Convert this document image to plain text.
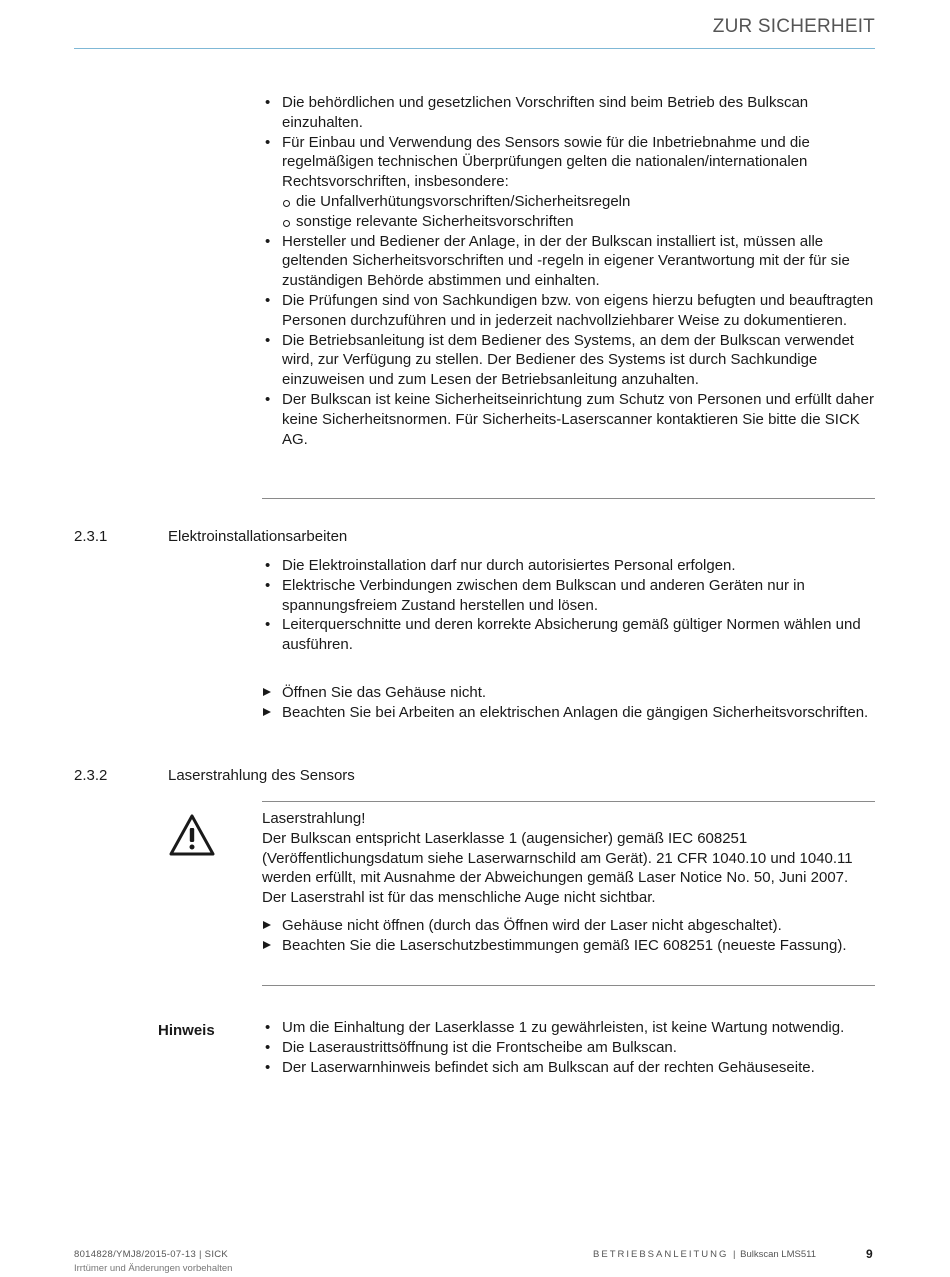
ZUR SICHERHEIT
• Die behördlichen und gesetzlichen Vorschriften sind beim Betrieb des Bulkscan einzuhalten.
• Für Einbau und Verwendung des Sensors sowie für die Inbetriebnahme und die regelmäßigen technischen Überprüfungen gelten die nationalen/internationalen Rechtsvorschriften, insbesondere:
die Unfallverhütungsvorschriften/Sicherheitsregeln
sonstige relevante Sicherheitsvorschriften
• Hersteller und Bediener der Anlage, in der der Bulkscan installiert ist, müssen alle geltenden Sicherheitsvorschriften und -regeln in eigener Verantwortung mit der für sie zuständigen Behörde abstimmen und einhalten.
• Die Prüfungen sind von Sachkundigen bzw. von eigens hierzu befugten und beauftragten Personen durchzuführen und in jederzeit nachvollziehbarer Weise zu dokumentieren.
• Die Betriebsanleitung ist dem Bediener des Systems, an dem der Bulkscan verwendet wird, zur Verfügung zu stellen. Der Bediener des Systems ist durch Sachkundige einzuweisen und zum Lesen der Betriebsanleitung anzuhalten.
• Der Bulkscan ist keine Sicherheitseinrichtung zum Schutz von Personen und erfüllt daher keine Sicherheitsnormen. Für Sicherheits-Laserscanner kontaktieren Sie bitte die SICK AG.
2.3.1	Elektroinstallationsarbeiten
• Die Elektroinstallation darf nur durch autorisiertes Personal erfolgen.
• Elektrische Verbindungen zwischen dem Bulkscan und anderen Geräten nur in spannungsfreiem Zustand herstellen und lösen.
• Leiterquerschnitte und deren korrekte Absicherung gemäß gültiger Normen wählen und ausführen.
Öffnen Sie das Gehäuse nicht.
Beachten Sie bei Arbeiten an elektrischen Anlagen die gängigen Sicherheitsvorschriften.
2.3.2	Laserstrahlung des Sensors
Laserstrahlung!
Der Bulkscan entspricht Laserklasse 1 (augensicher) gemäß IEC 608251 (Veröffentlichungsdatum siehe Laserwarnschild am Gerät). 21 CFR 1040.10 und 1040.11 werden erfüllt, mit Ausnahme der Abweichungen gemäß Laser Notice No. 50, Juni 2007. Der Laserstrahl ist für das menschliche Auge nicht sichtbar.
Gehäuse nicht öffnen (durch das Öffnen wird der Laser nicht abgeschaltet).
Beachten Sie die Laserschutzbestimmungen gemäß IEC 608251 (neueste Fassung).
Hinweis
•	Um die Einhaltung der Laserklasse 1 zu gewährleisten, ist keine Wartung notwendig.
• Die Laseraustrittsöffnung ist die Frontscheibe am Bulkscan.
• Der Laserwarnhinweis befindet sich am Bulkscan auf der rechten Gehäuseseite.
8014828/YMJ8/2015-07-13 | SICK
Irrtümer und Änderungen vorbehalten
BETRIEBSANLEITUNG | Bulkscan LMS511	9
